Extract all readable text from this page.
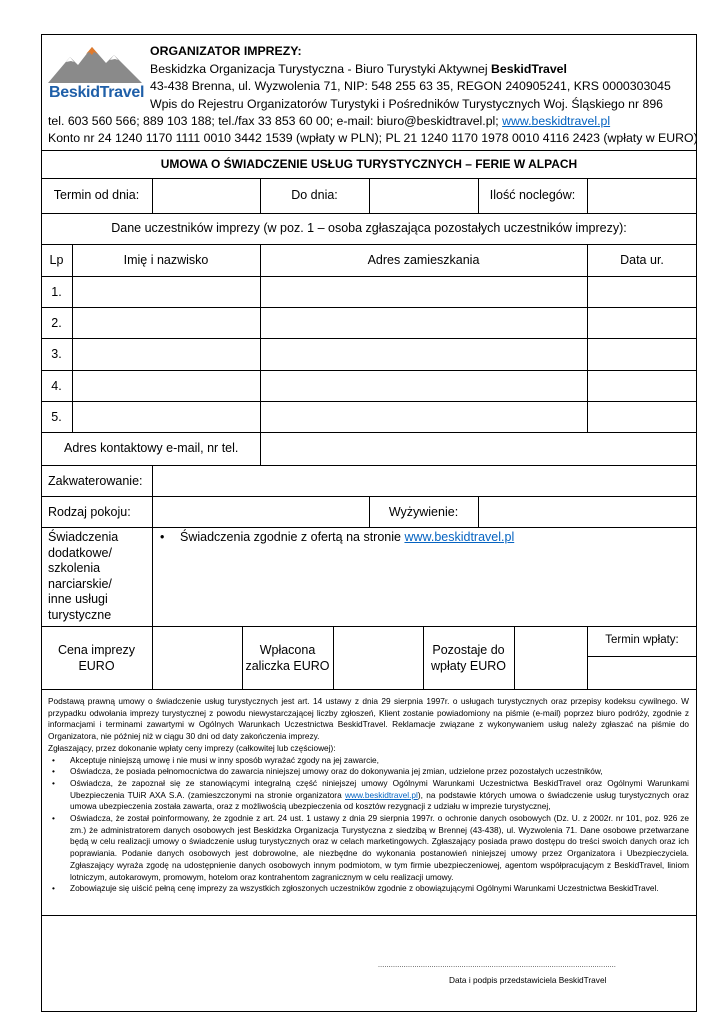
BeskidTravel
ORGANIZATOR IMPREZY:
Beskidzka Organizacja Turystyczna - Biuro Turystyki Aktywnej BeskidTravel
43-438 Brenna, ul. Wyzwolenia 71, NIP: 548 255 63 35, REGON 240905241, KRS 0000303045
Wpis do Rejestru Organizatorów Turystyki i Pośredników Turystycznych Woj. Śląskiego nr 896
tel. 603 560 566; 889 103 188; tel./fax 33 853 60 00; e-mail: biuro@beskidtravel.pl; www.beskidtravel.pl
Konto nr 24 1240 1170 1111 0010 3442 1539 (wpłaty w PLN); PL 21 1240 1170 1978 0010 4116 2423 (wpłaty w EURO)
UMOWA O ŚWIADCZENIE USŁUG TURYSTYCZNYCH – FERIE W ALPACH
Termin od dnia:	Do dnia:	Ilość noclegów:
Dane uczestników imprezy (w poz. 1 – osoba zgłaszająca pozostałych uczestników imprezy):
Lp	Imię i nazwisko	Adres zamieszkania	Data ur.
1.
2.
3.
4.
5.
Adres kontaktowy e-mail, nr tel.
Zakwaterowanie:
Rodzaj pokoju:	Wyżywienie:
Świadczenia
dodatkowe/
szkolenia
narciarskie/
inne usługi
turystyczne
• Świadczenia zgodnie z ofertą na stronie www.beskidtravel.pl
Cena imprezy
EURO
Wpłacona
zaliczka EURO
Pozostaje do
wpłaty EURO
Termin wpłaty:

Podstawą prawną umowy o świadczenie usług turystycznych jest art. 14 ustawy z dnia 29 sierpnia 1997r. o usługach turystycznych oraz przepisy kodeksu cywilnego. W przypadku odwołania imprezy turystycznej z powodu niewystarczającej liczby zgłoszeń, Klient zostanie powiadomiony na piśmie (e-mail) poprzez biuro podróży, zgodnie z informacjami i terminami zawartymi w Ogólnych Warunkach Uczestnictwa BeskidTravel. Reklamacje związane z wykonywaniem usług należy zgłaszać na piśmie do Organizatora, nie później niż w ciągu 30 dni od daty zakończenia imprezy.

Zgłaszający, przez dokonanie wpłaty ceny imprezy (całkowitej lub częściowej):

• Akceptuje niniejszą umowę i nie musi w inny sposób wyrażać zgody na jej zawarcie,
• Oświadcza, że posiada pełnomocnictwa do zawarcia niniejszej umowy oraz do dokonywania jej zmian, udzielone przez pozostałych uczestników,
• Oświadcza, że zapoznał się ze stanowiącymi integralną część niniejszej umowy Ogólnymi Warunkami Uczestnictwa BeskidTravel oraz Ogólnymi Warunkami Ubezpieczenia TUiR AXA S.A. (zamieszczonymi na stronie organizatora www.beskidtravel.pl), na podstawie których umowa o świadczenie usług turystycznych oraz umowa ubezpieczenia została zawarta, oraz z możliwością ubezpieczenia od kosztów rezygnacji z udziału w imprezie turystycznej,
• Oświadcza, że został poinformowany, że zgodnie z art. 24 ust. 1 ustawy z dnia 29 sierpnia 1997r. o ochronie danych osobowych (Dz. U. z 2002r. nr 101, poz. 926 ze zm.) że administratorem danych osobowych jest Beskidzka Organizacja Turystyczna z siedzibą w Brennej (43-438), ul. Wyzwolenia 71. Dane osobowe przetwarzane będą w celu realizacji umowy o świadczenie usług turystycznych oraz w celach marketingowych. Zgłaszający posiada prawo dostępu do treści swoich danych oraz ich poprawiania. Podanie danych osobowych jest dobrowolne, ale niezbędne do wykonania postanowień niniejszej umowy przez Organizatora i Ubezpieczyciela. Zgłaszający wyraża zgodę na udostępnienie danych osobowych innym podmiotom, w tym firmie ubezpieczeniowej, agentom współpracującym z BeskidTravel, liniom lotniczym, autokarowym, promowym, hotelom oraz kontrahentom zagranicznym w celu realizacji umowy.
• Zobowiązuje się uiścić pełną cenę imprezy za wszystkich zgłoszonych uczestników zgodnie z obowiązującymi Ogólnymi Warunkami Uczestnictwa BeskidTravel.
...............................................................................................................
Data i podpis przedstawiciela BeskidTravel
